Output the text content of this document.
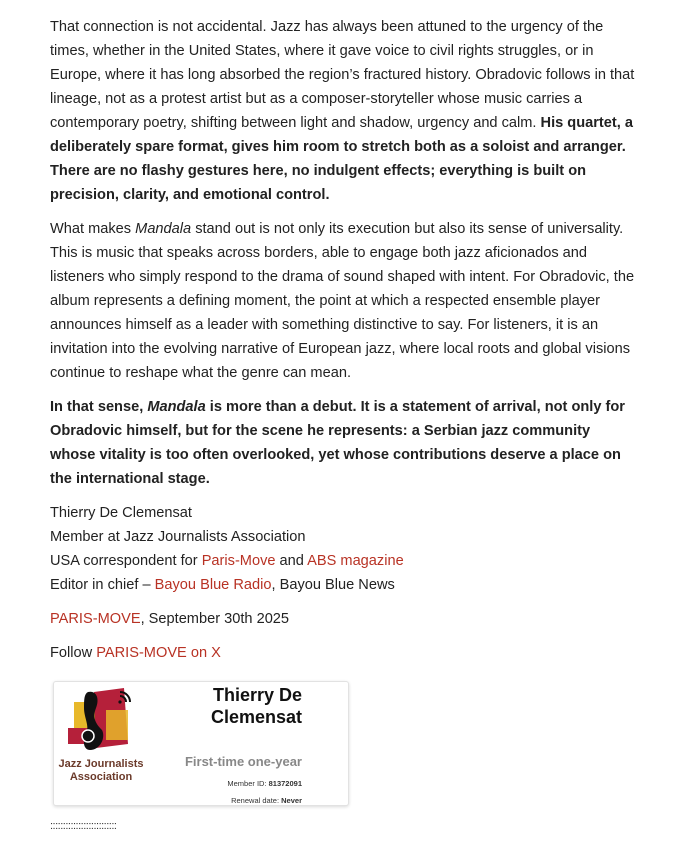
That connection is not accidental. Jazz has always been attuned to the urgency of the times, whether in the United States, where it gave voice to civil rights struggles, or in Europe, where it has long absorbed the region’s fractured history. Obradovic follows in that lineage, not as a protest artist but as a composer-storyteller whose music carries a contemporary poetry, shifting between light and shadow, urgency and calm. His quartet, a deliberately spare format, gives him room to stretch both as a soloist and arranger. There are no flashy gestures here, no indulgent effects; everything is built on precision, clarity, and emotional control.

What makes Mandala stand out is not only its execution but also its sense of universality. This is music that speaks across borders, able to engage both jazz aficionados and listeners who simply respond to the drama of sound shaped with intent. For Obradovic, the album represents a defining moment, the point at which a respected ensemble player announces himself as a leader with something distinctive to say. For listeners, it is an invitation into the evolving narrative of European jazz, where local roots and global visions continue to reshape what the genre can mean.

In that sense, Mandala is more than a debut. It is a statement of arrival, not only for Obradovic himself, but for the scene he represents: a Serbian jazz community whose vitality is too often overlooked, yet whose contributions deserve a place on the international stage.

Thierry De Clemensat

Member at Jazz Journalists Association

USA correspondent for Paris-Move and ABS magazine

Editor in chief – Bayou Blue Radio, Bayou Blue News

PARIS-MOVE, September 30th 2025

Follow PARIS-MOVE on X

Jazz Journalists Association
Thierry De Clemensat
First-time one-year
Member ID: 81372091
Renewal date: Never
::::::::::::::::::::::::::
